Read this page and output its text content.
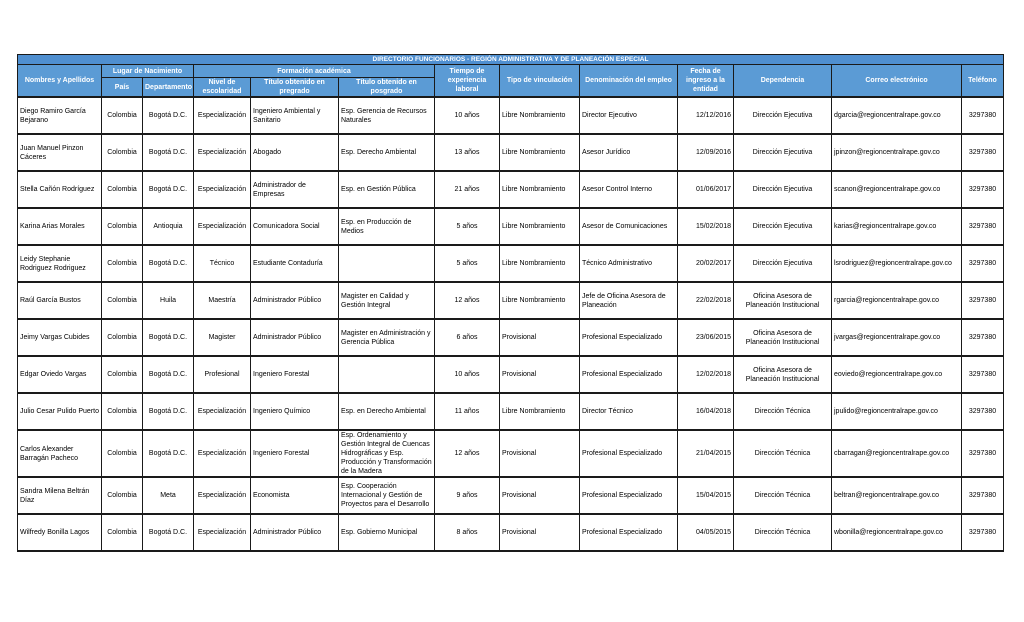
DIRECTORIO FUNCIONARIOS - REGIÓN ADMINISTRATIVA Y DE PLANEACIÓN ESPECIAL												
Nombres y Apellidos	Lugar de Nacimiento		Formación académica			Tiempo de experiencia laboral	Tipo de vinculación	Denominación del empleo	Fecha de ingreso a la entidad	Dependencia	Correo electrónico	Teléfono
	País	Departamento	Nivel de escolaridad	Título obtenido en pregrado	Título obtenido en posgrado							
Diego Ramiro García Bejarano	Colombia	Bogotá D.C.	Especialización	Ingeniero Ambiental y Sanitario	Esp. Gerencia de Recursos Naturales	10 años	Libre Nombramiento	Director Ejecutivo	12/12/2016	Dirección Ejecutiva	dgarcia@regioncentralrape.gov.co	3297380
Juan Manuel Pinzon Cáceres	Colombia	Bogotá D.C.	Especialización	Abogado	Esp. Derecho Ambiental	13 años	Libre Nombramiento	Asesor Jurídico	12/09/2016	Dirección Ejecutiva	jpinzon@regioncentralrape.gov.co	3297380
Stella Cañón Rodríguez	Colombia	Bogotá D.C.	Especialización	Administrador de Empresas	Esp. en Gestión Pública	21 años	Libre Nombramiento	Asesor Control Interno	01/06/2017	Dirección Ejecutiva	scanon@regioncentralrape.gov.co	3297380
Karina Arias Morales	Colombia	Antioquia	Especialización	Comunicadora Social	Esp. en Producción de Medios	5 años	Libre Nombramiento	Asesor de Comunicaciones	15/02/2018	Dirección Ejecutiva	karias@regioncentralrape.gov.co	3297380
Leidy Stephanie Rodriguez Rodriguez	Colombia	Bogotá D.C.	Técnico	Estudiante Contaduría		5 años	Libre Nombramiento	Técnico Administrativo	20/02/2017	Dirección Ejecutiva	lsrodriguez@regioncentralrape.gov.co	3297380
Raúl García Bustos	Colombia	Huila	Maestría	Administrador Público	Magister en Calidad y Gestión Integral	12 años	Libre Nombramiento	Jefe de Oficina Asesora de Planeación	22/02/2018	Oficina Asesora de Planeación Institucional	rgarcia@regioncentralrape.gov.co	3297380
Jeimy Vargas Cubides	Colombia	Bogotá D.C.	Magister	Administrador Público	Magister en Administración y Gerencia Pública	6 años	Provisional	Profesional Especializado	23/06/2015	Oficina Asesora de Planeación Institucional	jvargas@regioncentralrape.gov.co	3297380
Edgar Oviedo Vargas	Colombia	Bogotá D.C.	Profesional	Ingeniero Forestal		10 años	Provisional	Profesional Especializado	12/02/2018	Oficina Asesora de Planeación Institucional	eoviedo@regioncentralrape.gov.co	3297380
Julio Cesar Pulido Puerto	Colombia	Bogotá D.C.	Especialización	Ingeniero Químico	Esp. en Derecho Ambiental	11 años	Libre Nombramiento	Director Técnico	16/04/2018	Dirección Técnica	jpulido@regioncentralrape.gov.co	3297380
Carlos Alexander Barragán Pacheco	Colombia	Bogotá D.C.	Especialización	Ingeniero Forestal	Esp. Ordenamiento y Gestión Integral de Cuencas Hidrográficas y Esp. Producción y Transformación de la Madera	12 años	Provisional	Profesional Especializado	21/04/2015	Dirección Técnica	cbarragan@regioncentralrape.gov.co	3297380
Sandra Milena Beltrán Díaz	Colombia	Meta	Especialización	Economista	Esp. Cooperación Internacional y Gestión de Proyectos para el Desarrollo	9 años	Provisional	Profesional Especializado	15/04/2015	Dirección Técnica	beltran@regioncentralrape.gov.co	3297380
Wilfredy Bonilla Lagos	Colombia	Bogotá D.C.	Especialización	Administrador Público	Esp. Gobierno Municipal	8 años	Provisional	Profesional Especializado	04/05/2015	Dirección Técnica	wbonilla@regioncentralrape.gov.co	3297380
